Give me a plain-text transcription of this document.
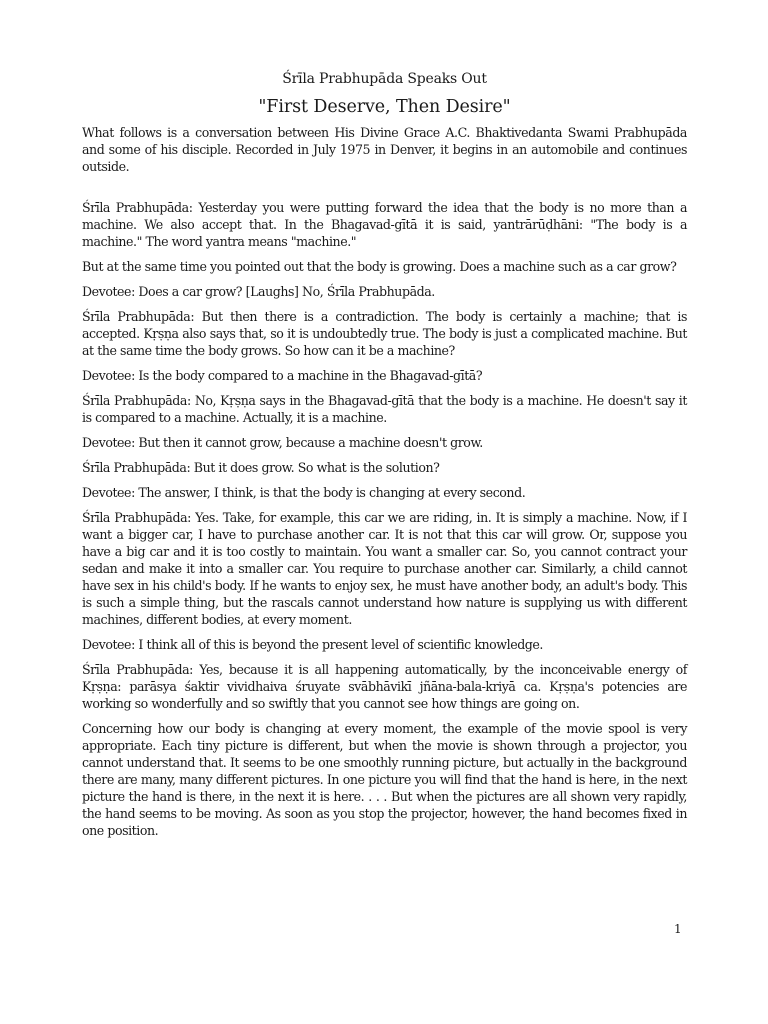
Śrīla Prabhupāda Speaks Out
"First Deserve, Then Desire"

What follows is a conversation between His Divine Grace A.C. Bhaktivedanta Swami Prabhupāda and some of his disciple. Recorded in July 1975 in Denver, it begins in an automobile and continues outside.

Śrīla Prabhupāda: Yesterday you were putting forward the idea that the body is no more than a machine. We also accept that. In the Bhagavad-gītā it is said, yantrārūḍhāni: "The body is a machine." The word yantra means "machine."

But at the same time you pointed out that the body is growing. Does a machine such as a car grow?

Devotee: Does a car grow? [Laughs] No, Śrīla Prabhupāda.

Śrīla Prabhupāda: But then there is a contradiction. The body is certainly a machine; that is accepted. Kṛṣṇa also says that, so it is undoubtedly true. The body is just a complicated machine. But at the same time the body grows. So how can it be a machine?

Devotee: Is the body compared to a machine in the Bhagavad-gītā?

Śrīla Prabhupāda: No, Kṛṣṇa says in the Bhagavad-gītā that the body is a machine. He doesn't say it is compared to a machine. Actually, it is a machine.

Devotee: But then it cannot grow, because a machine doesn't grow.

Śrīla Prabhupāda: But it does grow. So what is the solution?

Devotee: The answer, I think, is that the body is changing at every second.

Śrīla Prabhupāda: Yes. Take, for example, this car we are riding, in. It is simply a machine. Now, if I want a bigger car, I have to purchase another car. It is not that this car will grow. Or, suppose you have a big car and it is too costly to maintain. You want a smaller car. So, you cannot contract your sedan and make it into a smaller car. You require to purchase another car. Similarly, a child cannot have sex in his child's body. If he wants to enjoy sex, he must have another body, an adult's body. This is such a simple thing, but the rascals cannot understand how nature is supplying us with different machines, different bodies, at every moment.

Devotee: I think all of this is beyond the present level of scientific knowledge.

Śrīla Prabhupāda: Yes, because it is all happening automatically, by the inconceivable energy of Kṛṣṇa: parāsya śaktir vividhaiva śruyate svābhāvikī jñāna-bala-kriyā ca. Kṛṣṇa's potencies are working so wonderfully and so swiftly that you cannot see how things are going on.

Concerning how our body is changing at every moment, the example of the movie spool is very appropriate. Each tiny picture is different, but when the movie is shown through a projector, you cannot understand that. It seems to be one smoothly running picture, but actually in the background there are many, many different pictures. In one picture you will find that the hand is here, in the next picture the hand is there, in the next it is here. . . . But when the pictures are all shown very rapidly, the hand seems to be moving. As soon as you stop the projector, however, the hand becomes fixed in one position.

1
